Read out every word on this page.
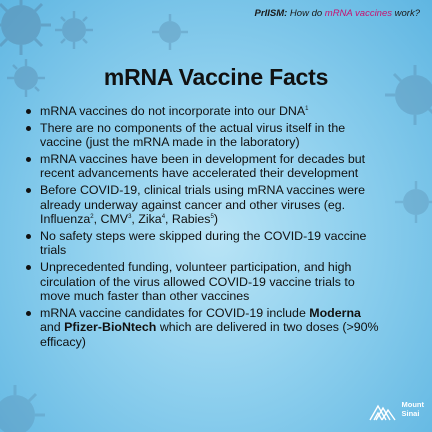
PrIISM: How do mRNA vaccines work?
mRNA Vaccine Facts
mRNA vaccines do not incorporate into our DNA$^1$
There are no components of the actual virus itself in the vaccine (just the mRNA made in the laboratory)
mRNA vaccines have been in development for decades but recent advancements have accelerated their development
Before COVID-19, clinical trials using mRNA vaccines were already underway against cancer and other viruses (eg. Influenza$^2$, CMV$^3$, Zika$^4$, Rabies$^5$)
No safety steps were skipped during the COVID-19 vaccine trials
Unprecedented funding, volunteer participation, and high circulation of the virus allowed COVID-19 vaccine trials to move much faster than other vaccines
mRNA vaccine candidates for COVID-19 include Moderna and Pfizer-BioNtech which are delivered in two doses (>90% efficacy)
Mount
Sinai
